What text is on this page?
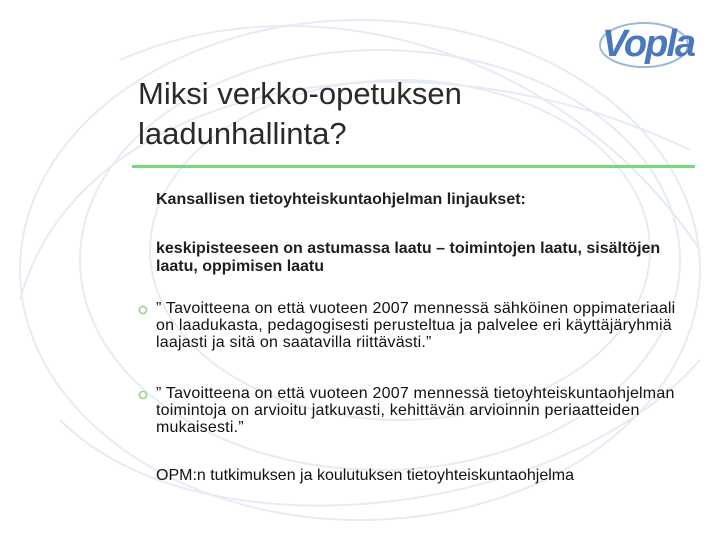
Vopla
Miksi verkko-opetuksen laadunhallinta?
Kansallisen tietoyhteiskuntaohjelman linjaukset:
keskipisteeseen on astumassa laatu – toimintojen laatu, sisältöjen laatu, oppimisen laatu
” Tavoitteena on että vuoteen 2007 mennessä sähköinen oppimateriaali on laadukasta, pedagogisesti perusteltua ja palvelee eri käyttäjäryhmiä laajasti ja sitä on saatavilla riittävästi.”
” Tavoitteena on että vuoteen 2007 mennessä tietoyhteiskuntaohjelman toimintoja on arvioitu jatkuvasti, kehittävän arvioinnin periaatteiden mukaisesti.”
OPM:n tutkimuksen ja koulutuksen tietoyhteiskuntaohjelma
